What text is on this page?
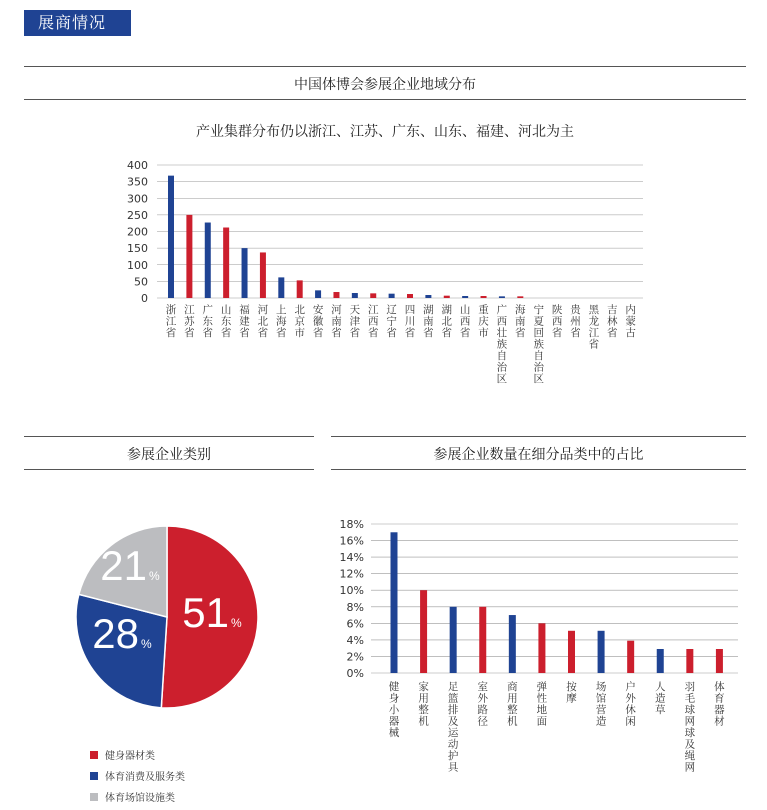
展商情况
中国体博会参展企业地域分布
产业集群分布仍以浙江、江苏、广东、山东、福建、河北为主
0
50
100
150
200
250
300
350
400
浙江省
江苏省
广东省
山东省
福建省
河北省
上海省
北京市
安徽省
河南省
天津省
江西省
辽宁省
四川省
湖南省
湖北省
山西省
重庆市
广西壮族自治区
海南省
宁夏回族自治区
陕西省
贵州省
黑龙江省
吉林省
内蒙古
参展企业类别
51 %
28 %
21 %
健身器材类
体育消费及服务类
体育场馆设施类
参展企业数量在细分品类中的占比
0%
2%
4%
6%
8%
10%
12%
14%
16%
18%
健身小器械
家用整机
足篮排及运动护具
室外路径
商用整机
弹性地面
按摩
场馆营造
户外休闲
人造草
羽毛球网球及绳网
体育器材
